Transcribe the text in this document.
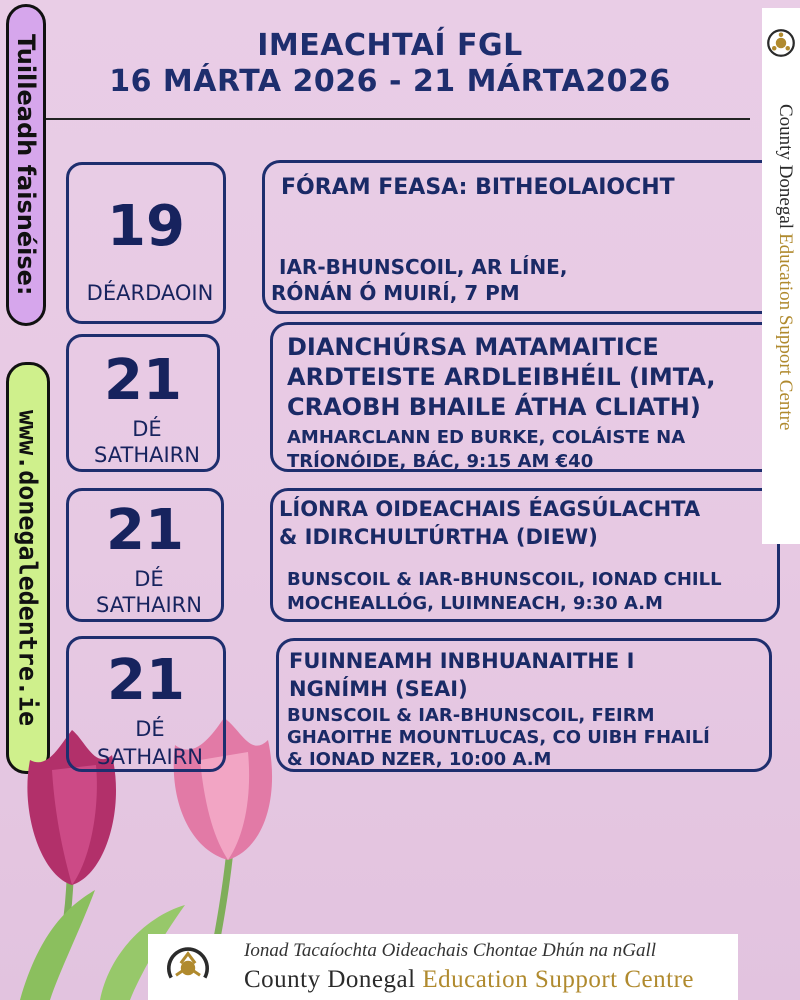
IMEACHTAÍ FGL
16 MÁRTA 2026 - 21 MÁRTA2026
Tuilleadh faisnéise:
www.donegaledentre.ie
19
DÉARDAOIN
FÓRAM FEASA: BITHEOLAIOCHT
IAR-BHUNSCOIL, AR LÍNE,
RÓNÁN Ó MUIRÍ, 7 PM
21
DÉ
SATHAIRN
DIANCHÚRSA MATAMAITICE
ARDTEISTE ARDLEIBHÉIL (IMTA,
CRAOBH BHAILE ÁTHA CLIATH)
AMHARCLANN ED BURKE, COLÁISTE NA
TRÍONÓIDE, BÁC, 9:15 AM €40
21
DÉ
SATHAIRN
LÍONRA OIDEACHAIS ÉAGSÚLACHTA
& IDIRCHULTÚRTHA (DIEW)
BUNSCOIL & IAR-BHUNSCOIL, IONAD CHILL
MOCHEALLÓG, LUIMNEACH, 9:30 A.M
21
DÉ
SATHAIRN
FUINNEAMH INBHUANAITHE I
NGNÍMH (SEAI)
BUNSCOIL & IAR-BHUNSCOIL, FEIRM
GHAOITHE MOUNTLUCAS, CO UIBH FHAILÍ
& IONAD NZER, 10:00 A.M
County Donegal Education Support Centre
Ionad Tacaíochta Oideachais Chontae Dhún na nGall
County Donegal Education Support Centre
